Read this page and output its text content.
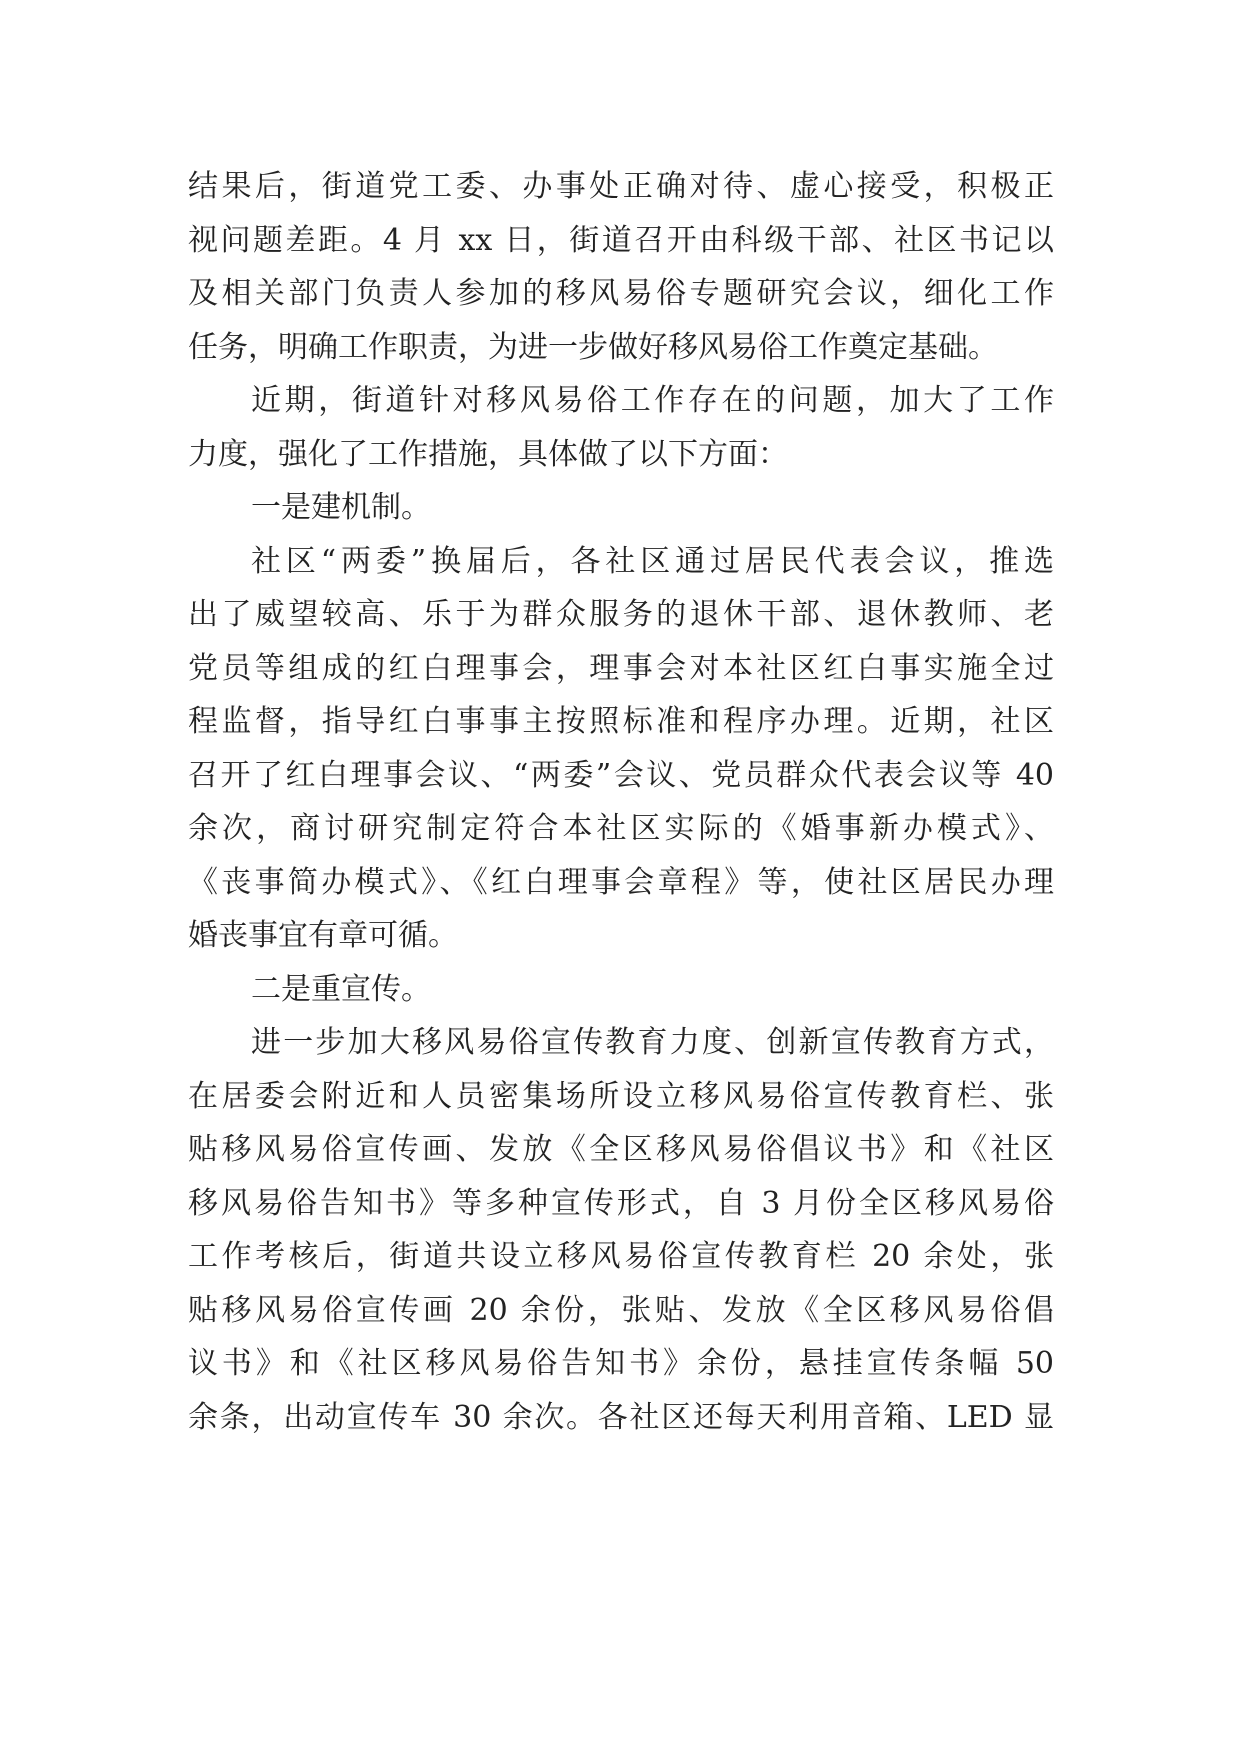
结果后，街道党工委、办事处正确对待、虚心接受，积极正
视问题差距。4 月 xx 日，街道召开由科级干部、社区书记以
及相关部门负责人参加的移风易俗专题研究会议，细化工作
任务，明确工作职责，为进一步做好移风易俗工作奠定基础。
近期，街道针对移风易俗工作存在的问题，加大了工作
力度，强化了工作措施，具体做了以下方面：
一是建机制。
社区“两委”换届后，各社区通过居民代表会议，推选
出了威望较高、乐于为群众服务的退休干部、退休教师、老
党员等组成的红白理事会，理事会对本社区红白事实施全过
程监督，指导红白事事主按照标准和程序办理。近期，社区
召开了红白理事会议、“两委”会议、党员群众代表会议等 40
余次，商讨研究制定符合本社区实际的《婚事新办模式》、
《丧事简办模式》、《红白理事会章程》等，使社区居民办理
婚丧事宜有章可循。
二是重宣传。
进一步加大移风易俗宣传教育力度、创新宣传教育方式，
在居委会附近和人员密集场所设立移风易俗宣传教育栏、张
贴移风易俗宣传画、发放《全区移风易俗倡议书》和《社区
移风易俗告知书》等多种宣传形式，自 3 月份全区移风易俗
工作考核后，街道共设立移风易俗宣传教育栏 20 余处，张
贴移风易俗宣传画 20 余份，张贴、发放《全区移风易俗倡
议书》和《社区移风易俗告知书》余份，悬挂宣传条幅 50
余条，出动宣传车 30 余次。各社区还每天利用音箱、LED 显
